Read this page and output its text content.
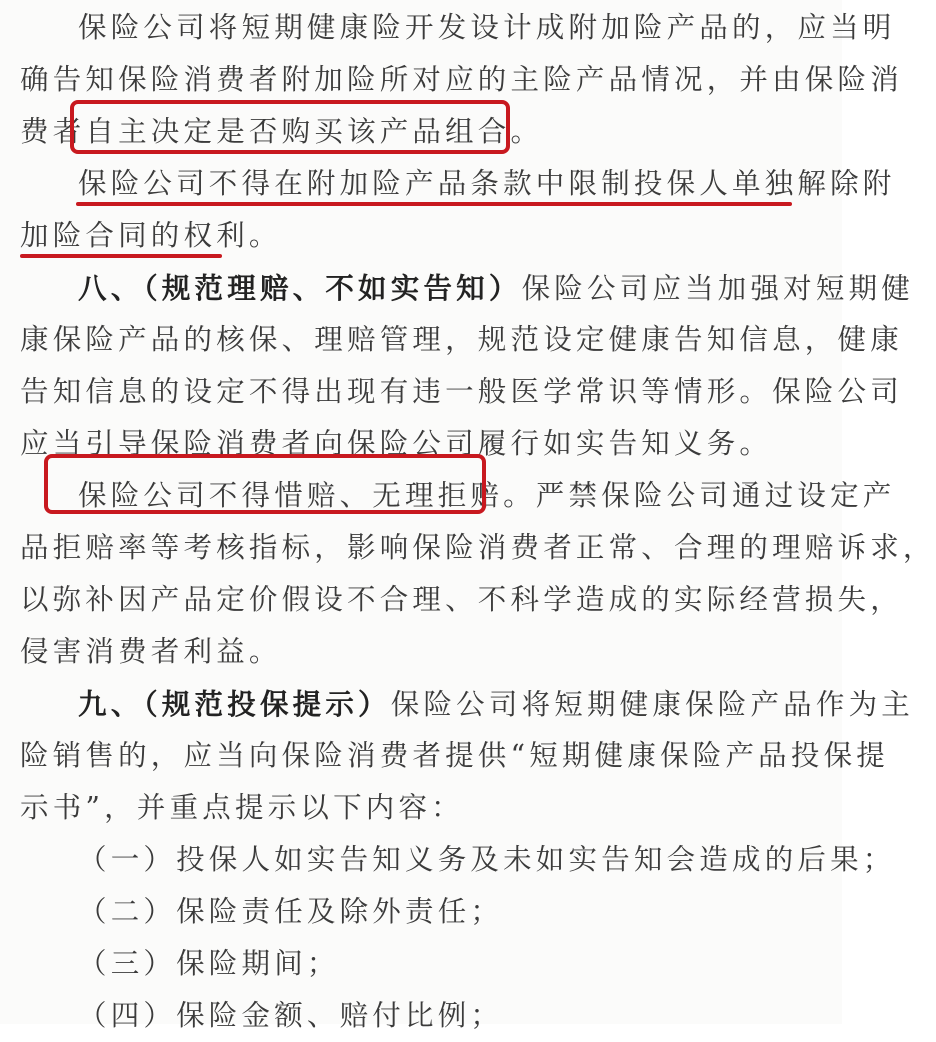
保险公司将短期健康险开发设计成附加险产品的，应当明
确告知保险消费者附加险所对应的主险产品情况，并由保险消
费者自主决定是否购买该产品组合。
保险公司不得在附加险产品条款中限制投保人单独解除附
加险合同的权利。
八、（规范理赔、不如实告知）保险公司应当加强对短期健
康保险产品的核保、理赔管理，规范设定健康告知信息，健康
告知信息的设定不得出现有违一般医学常识等情形。保险公司
应当引导保险消费者向保险公司履行如实告知义务。
保险公司不得惜赔、无理拒赔。严禁保险公司通过设定产
品拒赔率等考核指标，影响保险消费者正常、合理的理赔诉求，
以弥补因产品定价假设不合理、不科学造成的实际经营损失，
侵害消费者利益。
九、（规范投保提示）保险公司将短期健康保险产品作为主
险销售的，应当向保险消费者提供“短期健康保险产品投保提
示书”，并重点提示以下内容：
（一）投保人如实告知义务及未如实告知会造成的后果；
（二）保险责任及除外责任；
（三）保险期间；
（四）保险金额、赔付比例；
